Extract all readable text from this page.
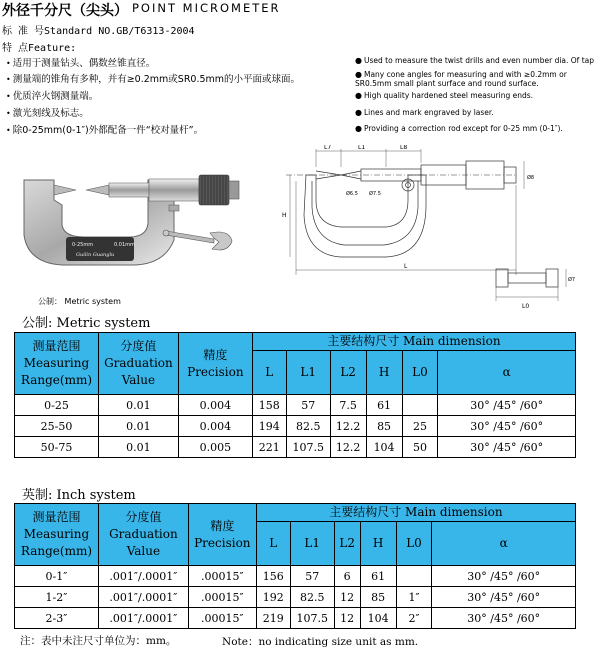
外径千分尺（尖头） POINT MICROMETER
标 准 号Standard NO.GB/T6313-2004
特 点Feature:
• 适用于测量钻头、偶数丝锥直径。
• 测量端的锥角有多种，并有≥0.2mm或SR0.5mm的小平面或球面。
• 优质淬火钢测量端。
• 激光刻线及标志。
• 除0-25mm(0-1″)外都配备一件“校对量杆”。
● Used to measure the twist drills and even number dia. Of tap
● Many cone angles for measuring and with ≥0.2mm or SR0.5mm small plant surface and round surface.
● High quality hardened steel measuring ends.
● Lines and mark engraved by laser.
● Providing a correction rod except for 0-25 mm (0-1″).
0-25mm	0.01mm
Guilin Guanglu
公制： Metric system
L7	L1	L8
L
H
L0
Ø8
Ø7.5
Ø6.5
Ø7
公制: Metric system
测量范围
Measuring
Range(mm)	分度值
Graduation
Value	精度
Precision	主要结构尺寸 Main dimension					
			L	L1	L2	H	L0	α
0-25	0.01	0.004	158	57	7.5	61		30° /45° /60°
25-50	0.01	0.004	194	82.5	12.2	85	25	30° /45° /60°
50-75	0.01	0.005	221	107.5	12.2	104	50	30° /45° /60°
英制: Inch system
测量范围
Measuring
Range(mm)	分度值
Graduation
Value	精度
Precision	主要结构尺寸 Main dimension					
			L	L1	L2	H	L0	α
0-1″	.001″/.0001″	.00015″	156	57	6	61		30° /45° /60°
1-2″	.001″/.0001″	.00015″	192	82.5	12	85	1″	30° /45° /60°
2-3″	.001″/.0001″	.00015″	219	107.5	12	104	2″	30° /45° /60°
注：表中未注尺寸单位为：mm。	Note：no indicating size unit as mm.
